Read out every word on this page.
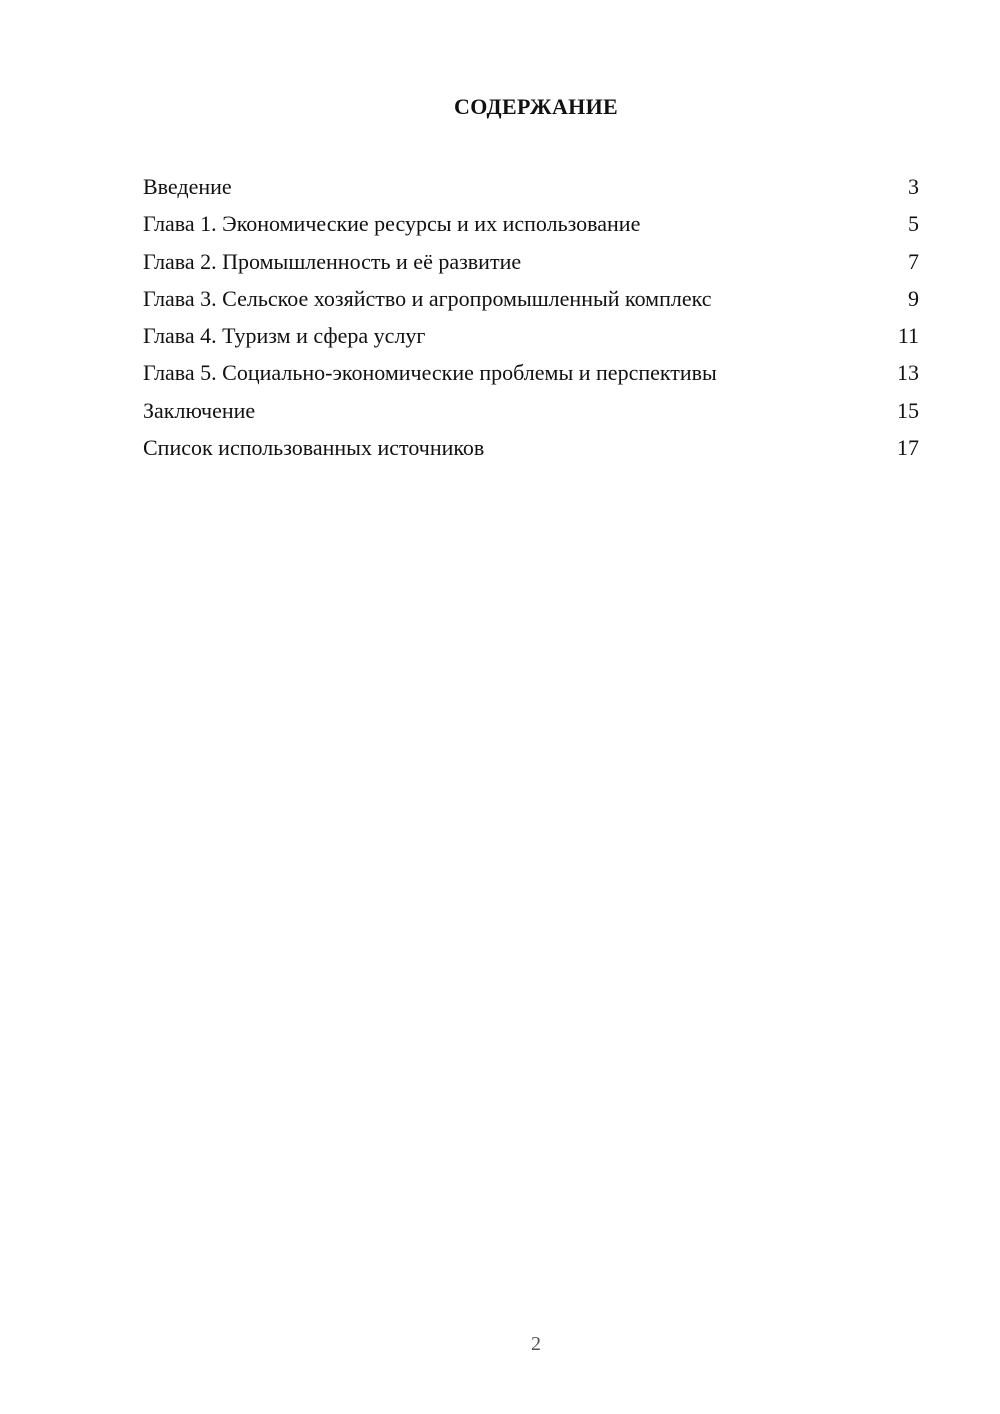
СОДЕРЖАНИЕ
Введение	3
Глава 1. Экономические ресурсы и их использование	5
Глава 2. Промышленность и её развитие	7
Глава 3. Сельское хозяйство и агропромышленный комплекс	9
Глава 4. Туризм и сфера услуг	11
Глава 5. Социально-экономические проблемы и перспективы	13
Заключение	15
Список использованных источников	17
2
